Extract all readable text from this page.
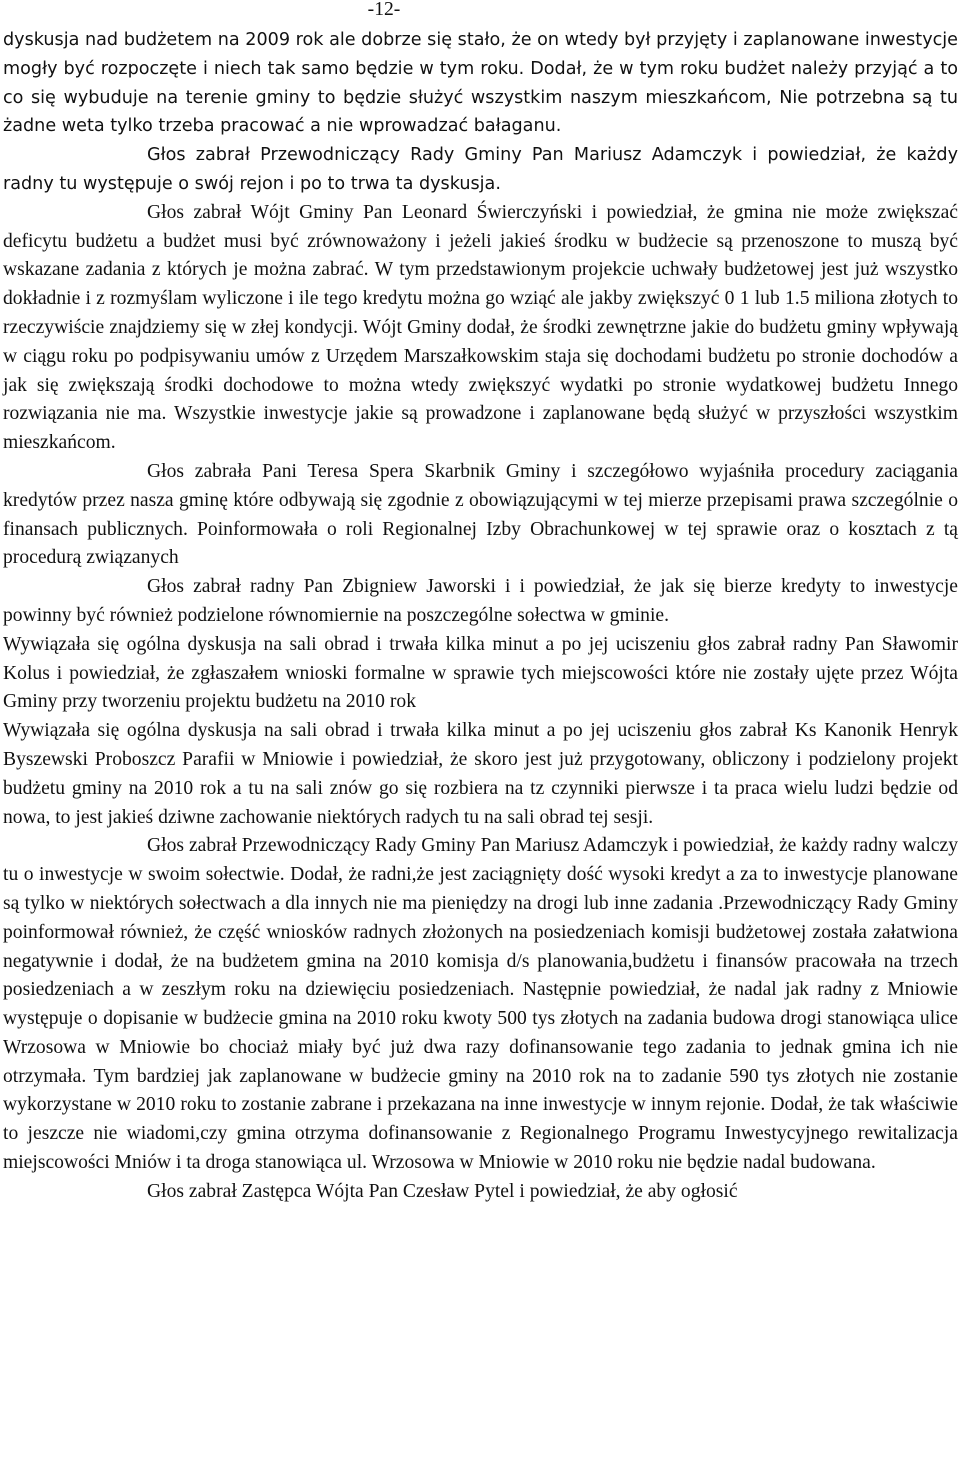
-12-

dyskusja nad budżetem na 2009 rok ale dobrze się stało, że on wtedy był przyjęty i zaplanowane inwestycje mogły być rozpoczęte i niech tak samo będzie w tym roku. Dodał, że w tym roku budżet należy przyjąć a to co się wybuduje na terenie gminy to będzie służyć wszystkim naszym mieszkańcom, Nie potrzebna są tu żadne weta tylko trzeba pracować a nie wprowadzać bałaganu.

Głos zabrał Przewodniczący Rady Gminy Pan Mariusz Adamczyk i powiedział, że każdy radny tu występuje o swój rejon i po to trwa ta dyskusja.

Głos zabrał Wójt Gminy Pan Leonard Świerczyński i powiedział, że gmina nie może zwiększać deficytu budżetu a budżet musi być zrównoważony i jeżeli jakieś środku w budżecie są przenoszone to muszą być wskazane zadania z których je można zabrać. W tym przedstawionym projekcie uchwały budżetowej jest już wszystko dokładnie i z rozmyślam wyliczone i ile tego kredytu można go wziąć ale jakby zwiększyć 0 1 lub 1.5 miliona złotych to rzeczywiście znajdziemy się w złej kondycji. Wójt Gminy dodał, że środki zewnętrzne jakie do budżetu gminy wpływają w ciągu roku po podpisywaniu umów z Urzędem Marszałkowskim staja się dochodami budżetu po stronie dochodów a jak się zwiększają środki dochodowe to można wtedy zwiększyć wydatki po stronie wydatkowej budżetu Innego rozwiązania nie ma. Wszystkie inwestycje jakie są prowadzone i zaplanowane będą służyć w przyszłości wszystkim mieszkańcom.

Głos zabrała Pani Teresa Spera Skarbnik Gminy i szczegółowo wyjaśniła procedury zaciągania kredytów przez nasza gminę które odbywają się zgodnie z obowiązującymi w tej mierze przepisami prawa szczególnie o finansach publicznych. Poinformowała o roli Regionalnej Izby Obrachunkowej w tej sprawie oraz o kosztach z tą procedurą związanych

Głos zabrał radny Pan Zbigniew Jaworski i i powiedział, że jak się bierze kredyty to inwestycje powinny być również podzielone równomiernie na poszczególne sołectwa w gminie.

Wywiązała się ogólna dyskusja na sali obrad i trwała kilka minut a po jej uciszeniu głos zabrał radny Pan Sławomir Kolus i powiedział, że zgłaszałem wnioski formalne w sprawie tych miejscowości które nie zostały ujęte przez Wójta Gminy przy tworzeniu projektu budżetu na 2010 rok

Wywiązała się ogólna dyskusja na sali obrad i trwała kilka minut a po jej uciszeniu głos zabrał Ks Kanonik Henryk Byszewski Proboszcz Parafii w Mniowie i powiedział, że skoro jest już przygotowany, obliczony i podzielony projekt budżetu gminy na 2010 rok a tu na sali znów go się rozbiera na tz czynniki pierwsze i ta praca wielu ludzi będzie od nowa, to jest jakieś dziwne zachowanie niektórych radych tu na sali obrad tej sesji.

Głos zabrał Przewodniczący Rady Gminy Pan Mariusz Adamczyk i powiedział, że każdy radny walczy tu o inwestycje w swoim sołectwie. Dodał, że radni,że jest zaciągnięty dość wysoki kredyt a za to inwestycje planowane są tylko w niektórych sołectwach a dla innych nie ma pieniędzy na drogi lub inne zadania .Przewodniczący Rady Gminy poinformował również, że część wniosków radnych złożonych na posiedzeniach komisji budżetowej została załatwiona negatywnie i dodał, że na budżetem gmina na 2010 komisja d/s planowania,budżetu i finansów pracowała na trzech posiedzeniach a w zeszłym roku na dziewięciu posiedzeniach. Następnie powiedział, że nadal jak radny z Mniowie występuje o dopisanie w budżecie gmina na 2010 roku kwoty 500 tys złotych na zadania budowa drogi stanowiąca ulice Wrzosowa w Mniowie bo chociaż miały być już dwa razy dofinansowanie tego zadania to jednak gmina ich nie otrzymała. Tym bardziej jak zaplanowane w budżecie gminy na 2010 rok na to zadanie 590 tys złotych nie zostanie wykorzystane w 2010 roku to zostanie zabrane i przekazana na inne inwestycje w innym rejonie. Dodał, że tak właściwie to jeszcze nie wiadomi,czy gmina otrzyma dofinansowanie z Regionalnego Programu Inwestycyjnego rewitalizacja miejscowości Mniów i ta droga stanowiąca ul. Wrzosowa w Mniowie w 2010 roku nie będzie nadal budowana.

Głos zabrał Zastępca Wójta Pan Czesław Pytel i powiedział, że aby ogłosić
